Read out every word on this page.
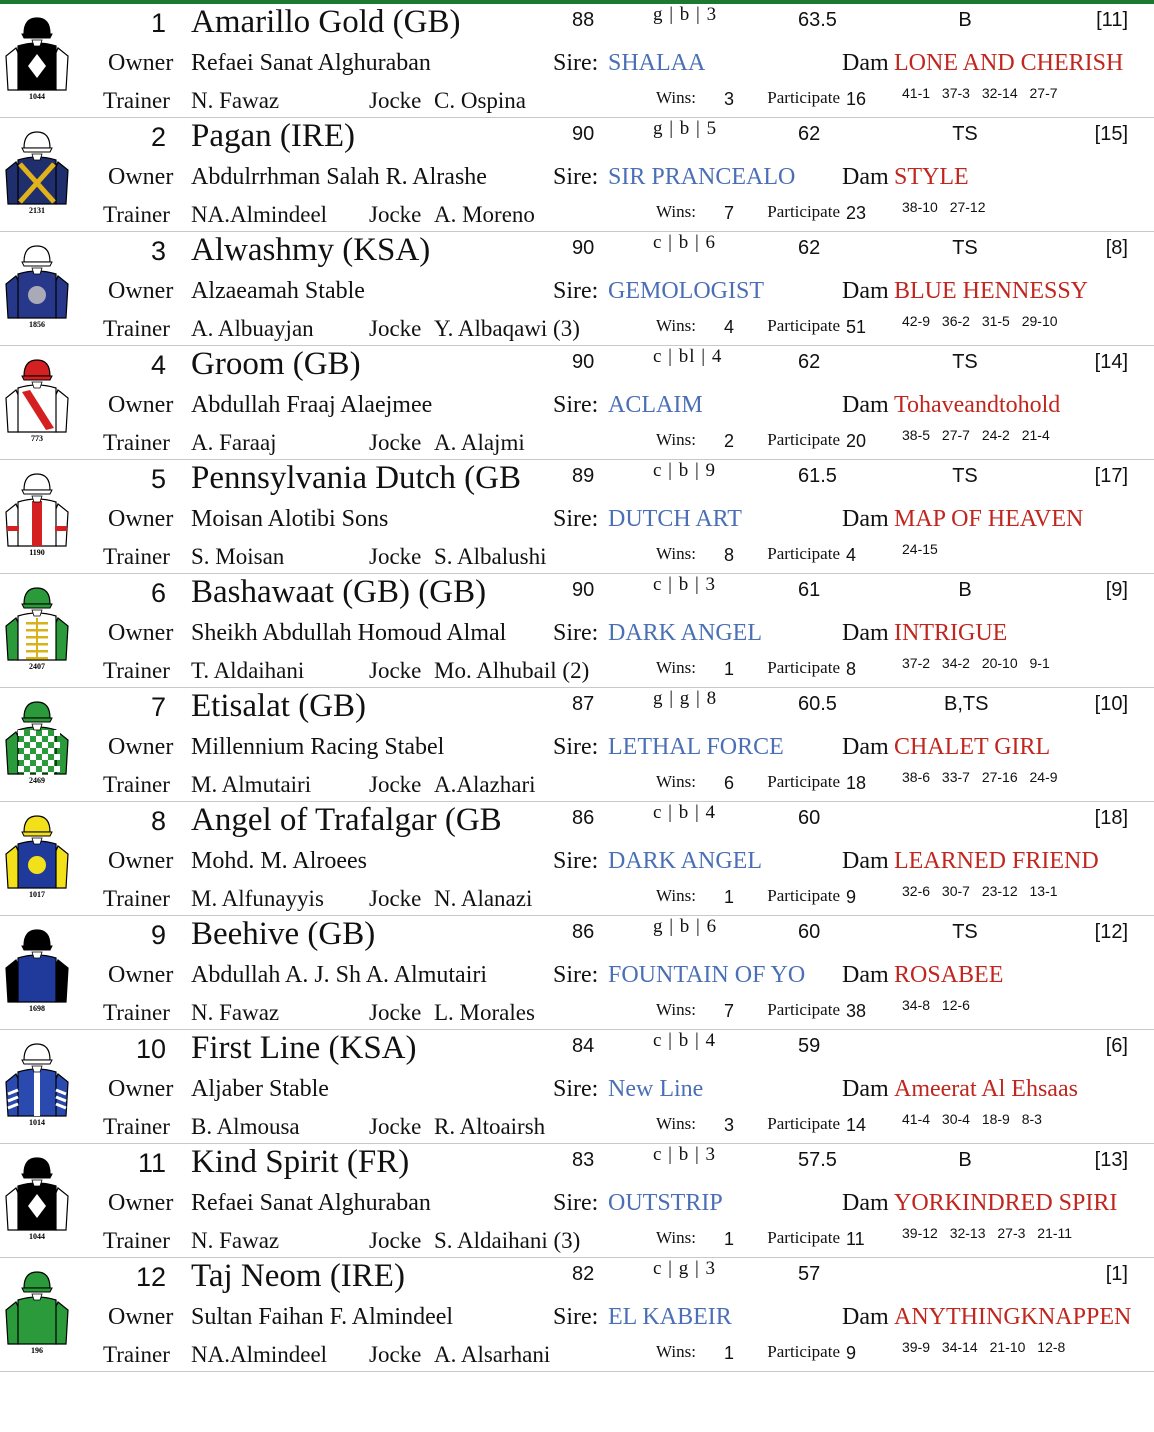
1044
1 Amarillo Gold (GB)	88	g | b | 3	63.5	B	[11]
Owner Refaei Sanat Alghuraban	Sire: SHALAA	Dam LONE AND CHERISH
Trainer N. Fawaz	Jocke C. Ospina	Wins: 3	Participate 16	41-1 37-3 32-14 27-7
2131
2 Pagan (IRE)	90	g | b | 5	62	TS	[15]
Owner Abdulrrhman Salah R. Alrashe	Sire: SIR PRANCEALO Dam STYLE
Trainer NA.Almindeel Jocke A. Moreno	Wins: 7	Participate 23	38-10 27-12
1856
3 Alwashmy (KSA)	90	c | b | 6	62	TS	[8]
Owner Alzaeamah Stable	Sire: GEMOLOGIST	Dam BLUE HENNESSY
Trainer A. Albuayjan Jocke Y. Albaqawi (3)	Wins: 4	Participate 51	42-9 36-2 31-5 29-10
773
4 Groom (GB)	90	c | bl | 4	62	TS	[14]
Owner Abdullah Fraaj Alaejmee	Sire: ACLAIM	Dam Tohaveandtohold
Trainer A. Faraaj	Jocke A. Alajmi	Wins: 2	Participate 20	38-5 27-7 24-2 21-4
1190
5 Pennsylvania Dutch (GB	89	c | b | 9	61.5	TS	[17]
Owner Moisan Alotibi Sons	Sire: DUTCH ART	Dam MAP OF HEAVEN
Trainer S. Moisan	Jocke S. Albalushi	Wins: 8	Participate 4	24-15
2407
6 Bashawaat (GB) (GB)	90	c | b | 3	61	B	[9]
Owner Sheikh Abdullah Homoud Almal Sire: DARK ANGEL	Dam INTRIGUE
Trainer T. Aldaihani	Jocke Mo. Alhubail (2)	Wins: 1	Participate 8	37-2 34-2 20-10 9-1
2469
7 Etisalat (GB)	87	g | g | 8	60.5	B,TS	[10]
Owner Millennium Racing Stabel	Sire: LETHAL FORCE Dam CHALET GIRL
Trainer M. Almutairi	Jocke A.Alazhari	Wins: 6	Participate 18	38-6 33-7 27-16 24-9
1017
8 Angel of Trafalgar (GB	86	c | b | 4	60	[18]
Owner Mohd. M. Alroees	Sire: DARK ANGEL	Dam LEARNED FRIEND
Trainer M. Alfunayyis Jocke N. Alanazi	Wins: 1	Participate 9	32-6 30-7 23-12 13-1
1698
9 Beehive (GB)	86	g | b | 6	60	TS	[12]
Owner Abdullah A. J. Sh A. Almutairi	Sire: FOUNTAIN OF YO Dam ROSABEE
Trainer N. Fawaz	Jocke L. Morales	Wins: 7	Participate 38	34-8 12-6
1014
10 First Line (KSA)	84	c | b | 4	59	[6]
Owner Aljaber Stable	Sire: New Line	Dam Ameerat Al Ehsaas
Trainer B. Almousa	Jocke R. Altoairsh	Wins: 3	Participate 14	41-4 30-4 18-9 8-3
1044
11 Kind Spirit (FR)	83	c | b | 3	57.5	B	[13]
Owner Refaei Sanat Alghuraban	Sire: OUTSTRIP	Dam YORKINDRED SPIRI
Trainer N. Fawaz	Jocke S. Aldaihani (3)	Wins: 1	Participate 11	39-12 32-13 27-3 21-11
196
12 Taj Neom (IRE)	82	c | g | 3	57	[1]
Owner Sultan Faihan F. Almindeel	Sire: EL KABEIR	Dam ANYTHINGKNAPPEN
Trainer NA.Almindeel Jocke A. Alsarhani	Wins: 1	Participate 9	39-9 34-14 21-10 12-8
